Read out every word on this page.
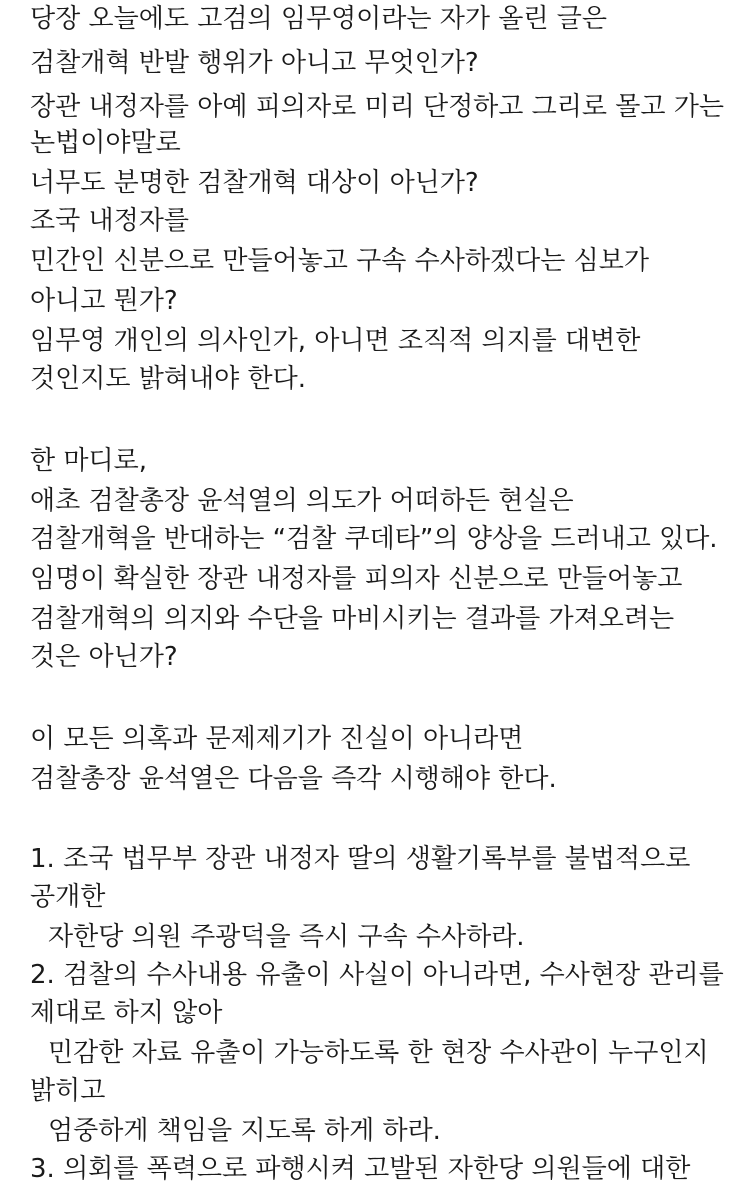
당장 오늘에도 고검의 임무영이라는 자가 올린 글은
검찰개혁 반발 행위가 아니고 무엇인가?
장관 내정자를 아예 피의자로 미리 단정하고 그리로 몰고 가는
논법이야말로
너무도 분명한 검찰개혁 대상이 아닌가?
조국 내정자를
민간인 신분으로 만들어놓고 구속 수사하겠다는 심보가
아니고 뭔가?
임무영 개인의 의사인가, 아니면 조직적 의지를 대변한
것인지도 밝혀내야 한다.
한 마디로,
애초 검찰총장 윤석열의 의도가 어떠하든 현실은
검찰개혁을 반대하는 “검찰 쿠데타”의 양상을 드러내고 있다.
임명이 확실한 장관 내정자를 피의자 신분으로 만들어놓고
검찰개혁의 의지와 수단을 마비시키는 결과를 가져오려는
것은 아닌가?
이 모든 의혹과 문제제기가 진실이 아니라면
검찰총장 윤석열은 다음을 즉각 시행해야 한다.
1. 조국 법무부 장관 내정자 딸의 생활기록부를 불법적으로
공개한
자한당 의원 주광덕을 즉시 구속 수사하라.
2. 검찰의 수사내용 유출이 사실이 아니라면, 수사현장 관리를
제대로 하지 않아
민감한 자료 유출이 가능하도록 한 현장 수사관이 누구인지
밝히고
엄중하게 책임을 지도록 하게 하라.
3. 의회를 폭력으로 파행시켜 고발된 자한당 의원들에 대한
